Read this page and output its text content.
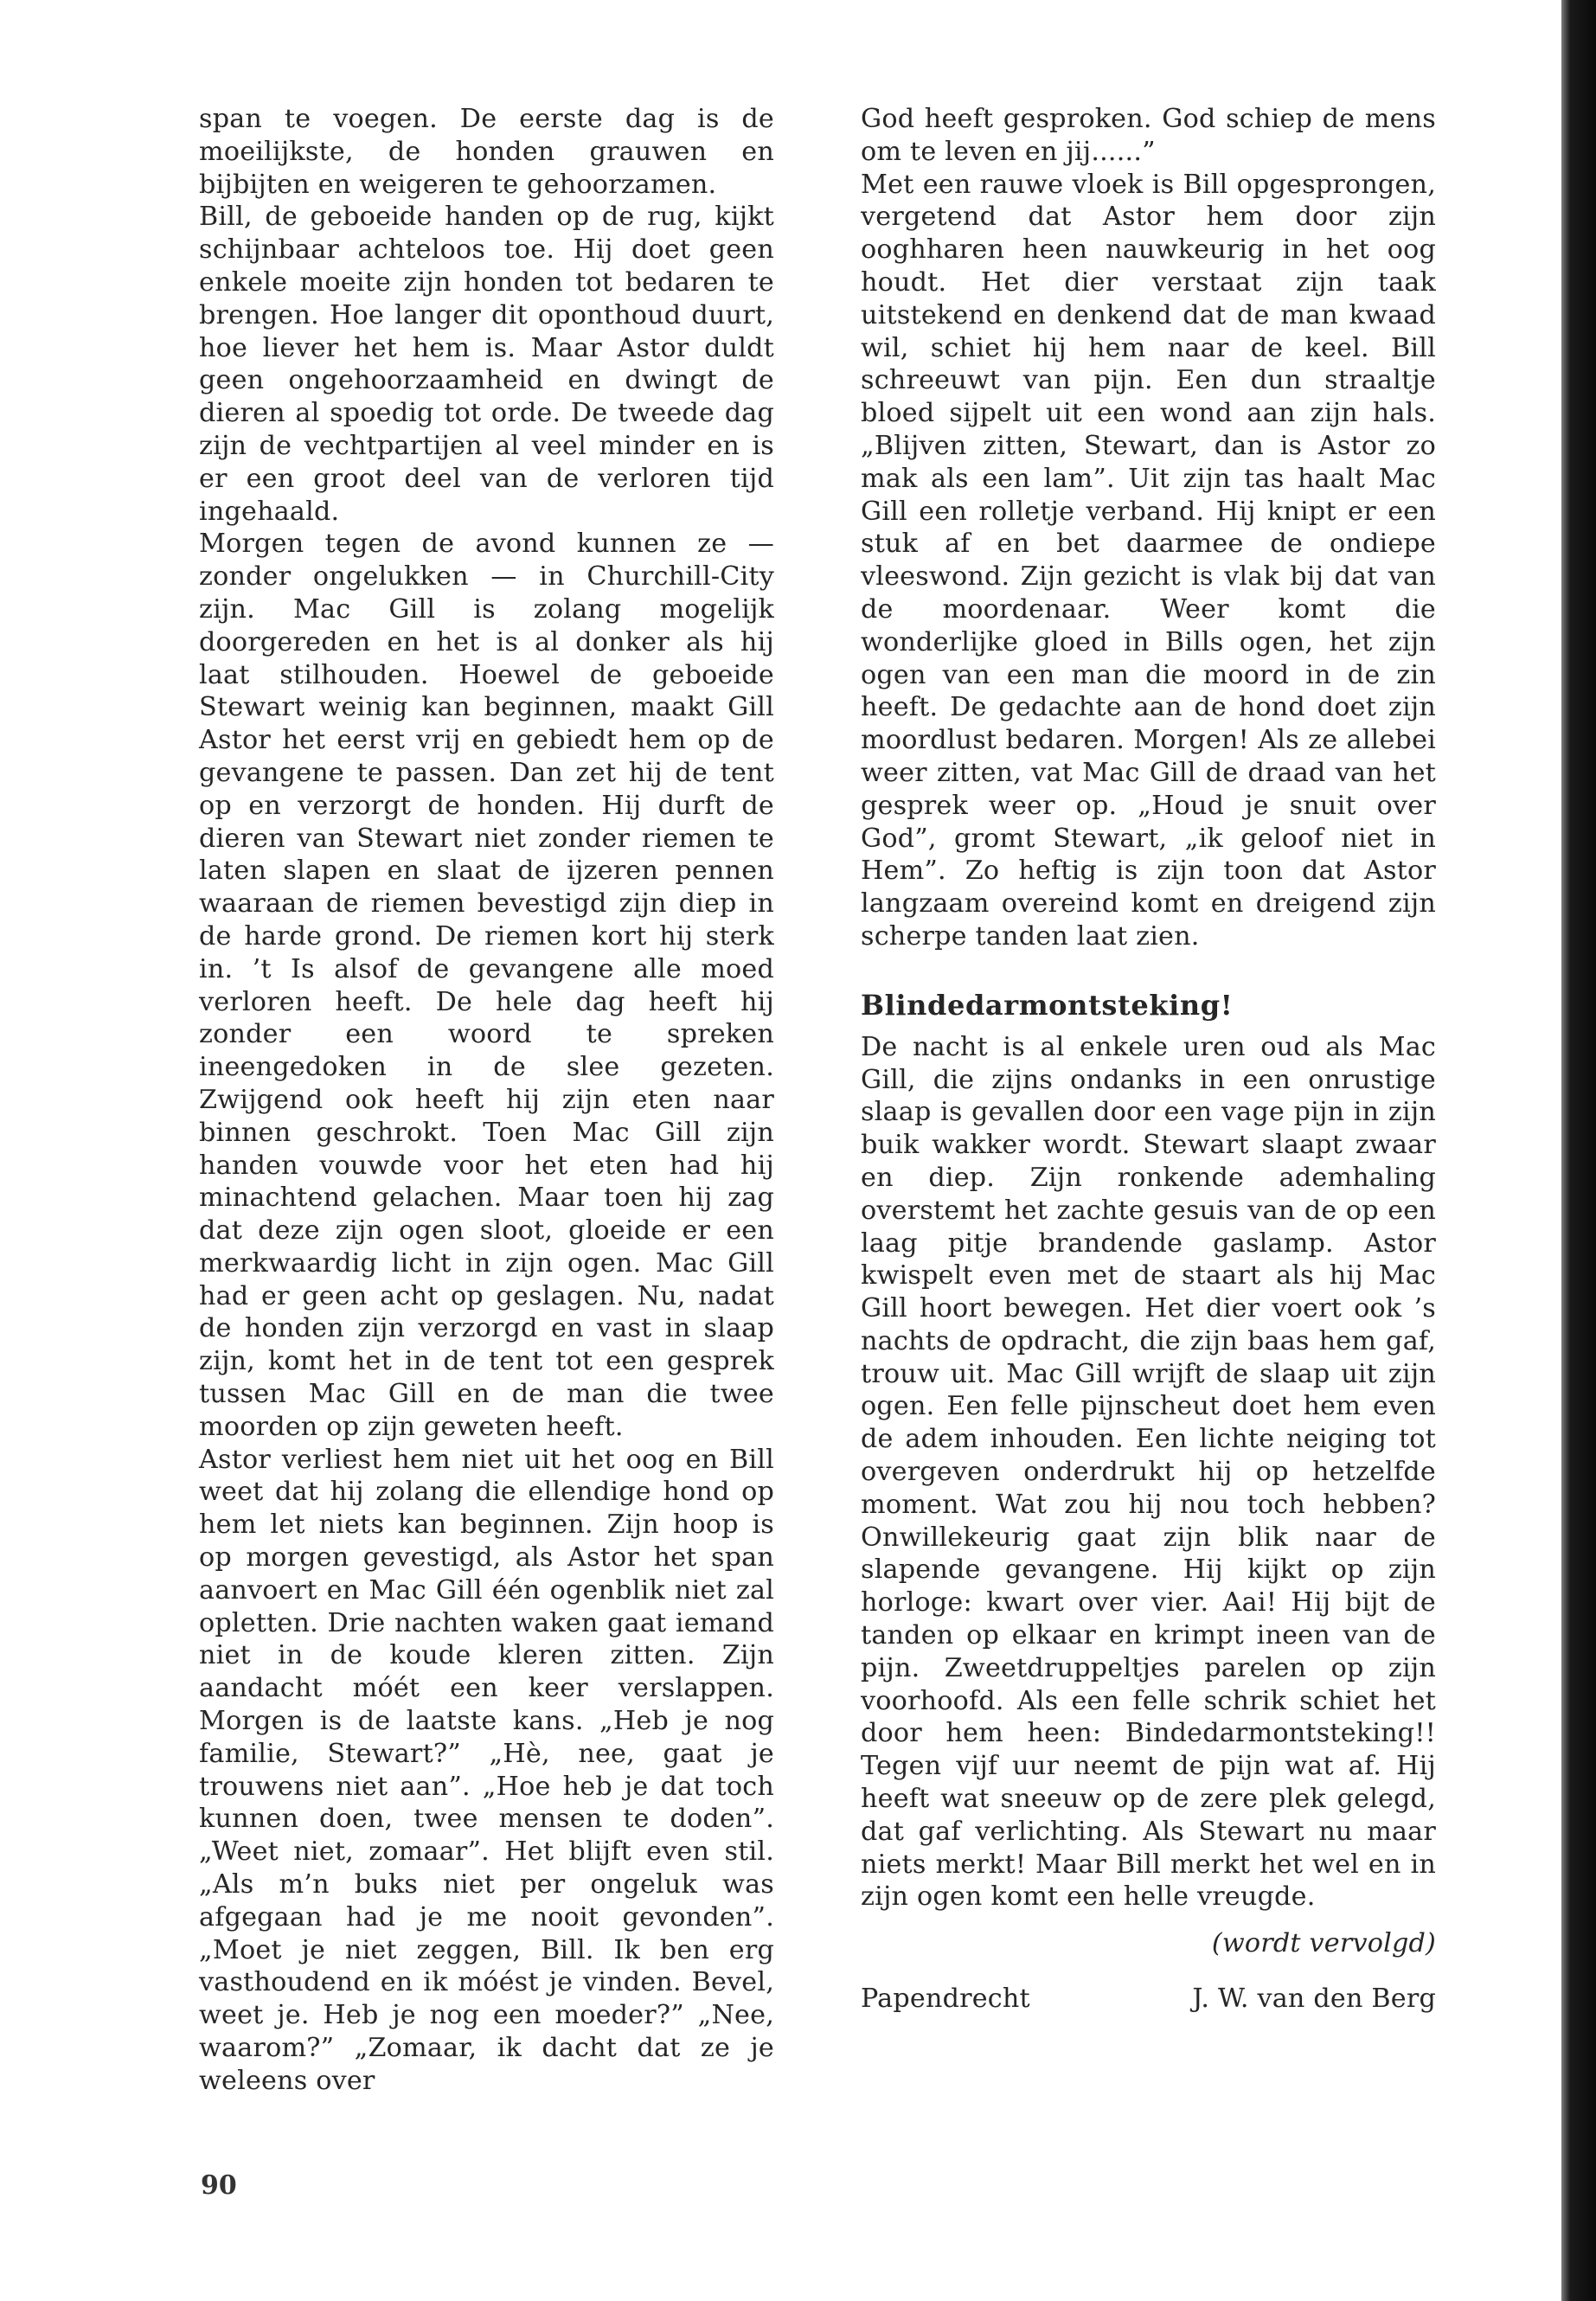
span te voegen. De eerste dag is de moeilijkste, de honden grauwen en bijbijten en weigeren te gehoorzamen.

Bill, de geboeide handen op de rug, kijkt schijnbaar achteloos toe. Hij doet geen enkele moeite zijn honden tot bedaren te brengen. Hoe langer dit oponthoud duurt, hoe liever het hem is. Maar Astor duldt geen ongehoorzaamheid en dwingt de dieren al spoedig tot orde. De tweede dag zijn de vechtpartijen al veel minder en is er een groot deel van de verloren tijd ingehaald.

Morgen tegen de avond kunnen ze — zonder ongelukken — in Churchill-City zijn. Mac Gill is zolang mogelijk doorgereden en het is al donker als hij laat stilhouden. Hoewel de geboeide Stewart weinig kan beginnen, maakt Gill Astor het eerst vrij en gebiedt hem op de gevangene te passen. Dan zet hij de tent op en verzorgt de honden. Hij durft de dieren van Stewart niet zonder riemen te laten slapen en slaat de ijzeren pennen waaraan de riemen bevestigd zijn diep in de harde grond. De riemen kort hij sterk in. ’t Is alsof de gevangene alle moed verloren heeft. De hele dag heeft hij zonder een woord te spreken ineengedoken in de slee gezeten. Zwijgend ook heeft hij zijn eten naar binnen geschrokt. Toen Mac Gill zijn handen vouwde voor het eten had hij minachtend gelachen. Maar toen hij zag dat deze zijn ogen sloot, gloeide er een merkwaardig licht in zijn ogen. Mac Gill had er geen acht op geslagen. Nu, nadat de honden zijn verzorgd en vast in slaap zijn, komt het in de tent tot een gesprek tussen Mac Gill en de man die twee moorden op zijn geweten heeft.

Astor verliest hem niet uit het oog en Bill weet dat hij zolang die ellendige hond op hem let niets kan beginnen. Zijn hoop is op morgen gevestigd, als Astor het span aanvoert en Mac Gill één ogenblik niet zal opletten. Drie nachten waken gaat iemand niet in de koude kleren zitten. Zijn aandacht móét een keer verslappen. Morgen is de laatste kans. „Heb je nog familie, Stewart?” „Hè, nee, gaat je trouwens niet aan”. „Hoe heb je dat toch kunnen doen, twee mensen te doden”. „Weet niet, zomaar”. Het blijft even stil. „Als m’n buks niet per ongeluk was afgegaan had je me nooit gevonden”. „Moet je niet zeggen, Bill. Ik ben erg vasthoudend en ik móést je vinden. Bevel, weet je. Heb je nog een moeder?” „Nee, waarom?” „Zomaar, ik dacht dat ze je weleens over

God heeft gesproken. God schiep de mens om te leven en jij......”

Met een rauwe vloek is Bill opgesprongen, vergetend dat Astor hem door zijn ooghharen heen nauwkeurig in het oog houdt. Het dier verstaat zijn taak uitstekend en denkend dat de man kwaad wil, schiet hij hem naar de keel. Bill schreeuwt van pijn. Een dun straaltje bloed sijpelt uit een wond aan zijn hals. „Blijven zitten, Stewart, dan is Astor zo mak als een lam”. Uit zijn tas haalt Mac Gill een rolletje verband. Hij knipt er een stuk af en bet daarmee de ondiepe vleeswond. Zijn gezicht is vlak bij dat van de moordenaar. Weer komt die wonderlijke gloed in Bills ogen, het zijn ogen van een man die moord in de zin heeft. De gedachte aan de hond doet zijn moordlust bedaren. Morgen! Als ze allebei weer zitten, vat Mac Gill de draad van het gesprek weer op. „Houd je snuit over God”, gromt Stewart, „ik geloof niet in Hem”. Zo heftig is zijn toon dat Astor langzaam overeind komt en dreigend zijn scherpe tanden laat zien.

Blindedarmontsteking!

De nacht is al enkele uren oud als Mac Gill, die zijns ondanks in een onrustige slaap is gevallen door een vage pijn in zijn buik wakker wordt. Stewart slaapt zwaar en diep. Zijn ronkende ademhaling overstemt het zachte gesuis van de op een laag pitje brandende gaslamp. Astor kwispelt even met de staart als hij Mac Gill hoort bewegen. Het dier voert ook ’s nachts de opdracht, die zijn baas hem gaf, trouw uit. Mac Gill wrijft de slaap uit zijn ogen. Een felle pijnscheut doet hem even de adem inhouden. Een lichte neiging tot overgeven onderdrukt hij op hetzelfde moment. Wat zou hij nou toch hebben? Onwillekeurig gaat zijn blik naar de slapende gevangene. Hij kijkt op zijn horloge: kwart over vier. Aai! Hij bijt de tanden op elkaar en krimpt ineen van de pijn. Zweetdruppeltjes parelen op zijn voorhoofd. Als een felle schrik schiet het door hem heen: Bindedarmontsteking!! Tegen vijf uur neemt de pijn wat af. Hij heeft wat sneeuw op de zere plek gelegd, dat gaf verlichting. Als Stewart nu maar niets merkt! Maar Bill merkt het wel en in zijn ogen komt een helle vreugde.

(wordt vervolgd)

Papendrecht	J. W. van den Berg
90
